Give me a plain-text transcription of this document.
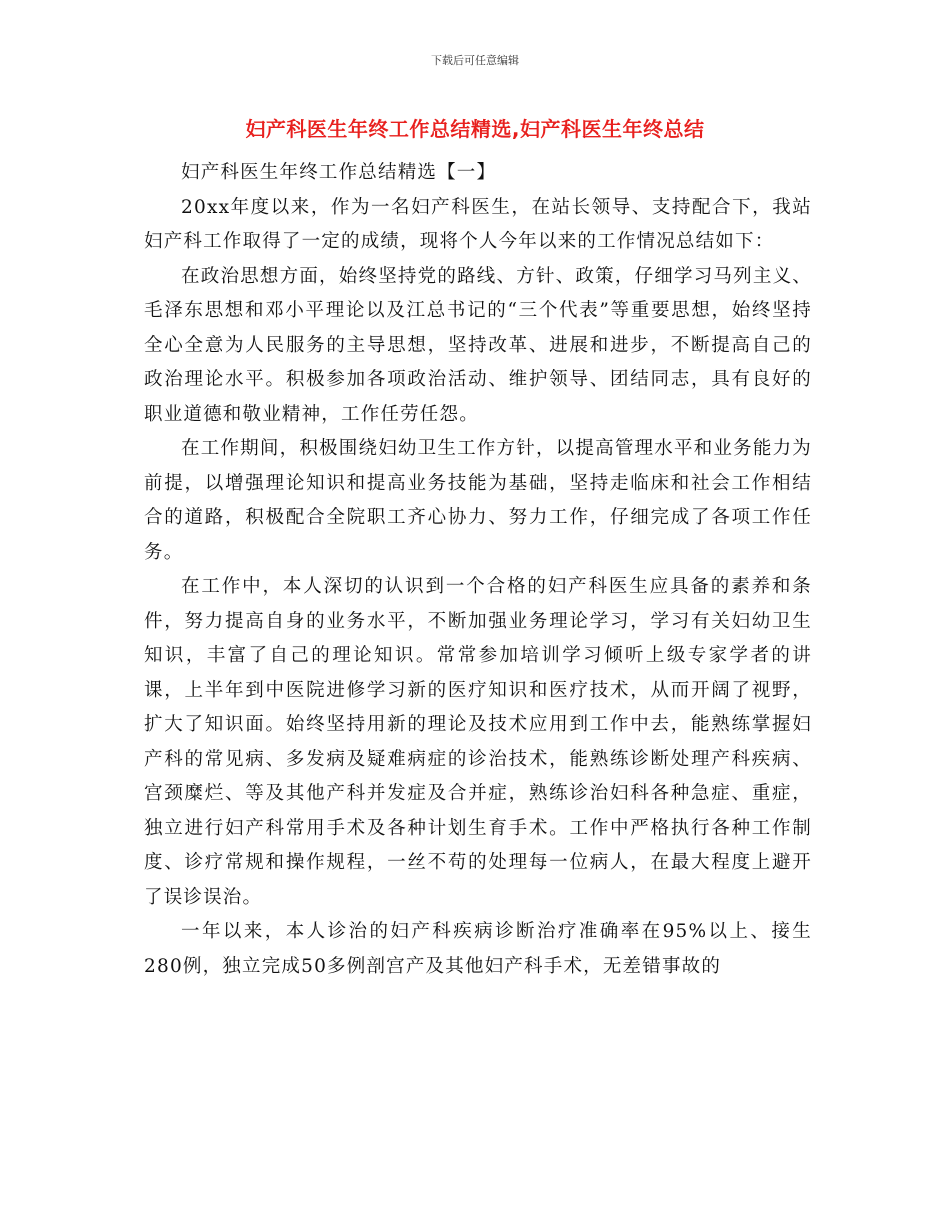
下载后可任意编辑
妇产科医生年终工作总结精选,妇产科医生年终总结

妇产科医生年终工作总结精选【一】

20xx年度以来，作为一名妇产科医生，在站长领导、支持配合下，我站妇产科工作取得了一定的成绩，现将个人今年以来的工作情况总结如下：

在政治思想方面，始终坚持党的路线、方针、政策，仔细学习马列主义、毛泽东思想和邓小平理论以及江总书记的“三个代表”等重要思想，始终坚持全心全意为人民服务的主导思想，坚持改革、进展和进步，不断提高自己的政治理论水平。积极参加各项政治活动、维护领导、团结同志，具有良好的职业道德和敬业精神，工作任劳任怨。

在工作期间，积极围绕妇幼卫生工作方针，以提高管理水平和业务能力为前提，以增强理论知识和提高业务技能为基础，坚持走临床和社会工作相结合的道路，积极配合全院职工齐心协力、努力工作，仔细完成了各项工作任务。

在工作中，本人深切的认识到一个合格的妇产科医生应具备的素养和条件，努力提高自身的业务水平，不断加强业务理论学习，学习有关妇幼卫生知识，丰富了自己的理论知识。常常参加培训学习倾听上级专家学者的讲课，上半年到中医院进修学习新的医疗知识和医疗技术，从而开阔了视野，扩大了知识面。始终坚持用新的理论及技术应用到工作中去，能熟练掌握妇产科的常见病、多发病及疑难病症的诊治技术，能熟练诊断处理产科疾病、宫颈糜烂、等及其他产科并发症及合并症，熟练诊治妇科各种急症、重症，独立进行妇产科常用手术及各种计划生育手术。工作中严格执行各种工作制度、诊疗常规和操作规程，一丝不苟的处理每一位病人，在最大程度上避开了误诊误治。

一年以来，本人诊治的妇产科疾病诊断治疗准确率在95%以上、接生280例，独立完成50多例剖宫产及其他妇产科手术，无差错事故的
